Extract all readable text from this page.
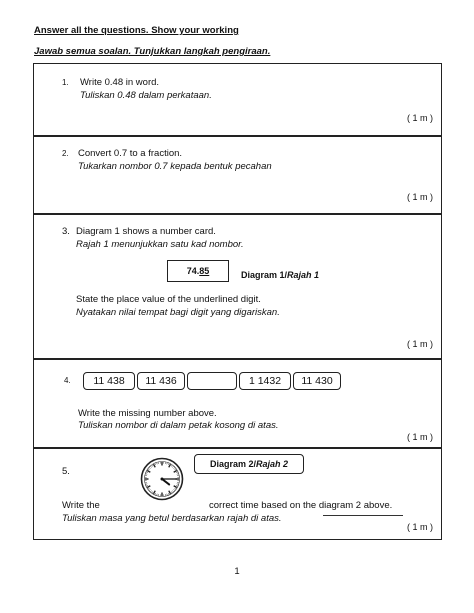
Answer all the questions. Show your working
Jawab semua soalan. Tunjukkan langkah pengiraan.
1. Write 0.48 in word.
Tuliskan 0.48 dalam perkataan.
( 1 m )
2. Convert 0.7 to a fraction.
Tukarkan nombor 0.7 kepada bentuk pecahan
( 1 m )
3. Diagram 1 shows a number card.
Rajah 1 menunjukkan satu kad nombor.
74.85	Diagram 1/Rajah 1
State the place value of the underlined digit.
Nyatakan nilai tempat bagi digit yang digariskan.
( 1 m )
4.	11 438	11 436	1 1432	11 430
Write the missing number above.
Tuliskan nombor di dalam petak kosong di atas.
( 1 m )
5.
Diagram 2/Rajah 2
Write the	correct time based on the diagram 2 above.
Tuliskan masa yang betul berdasarkan rajah di atas.
( 1 m )
1
